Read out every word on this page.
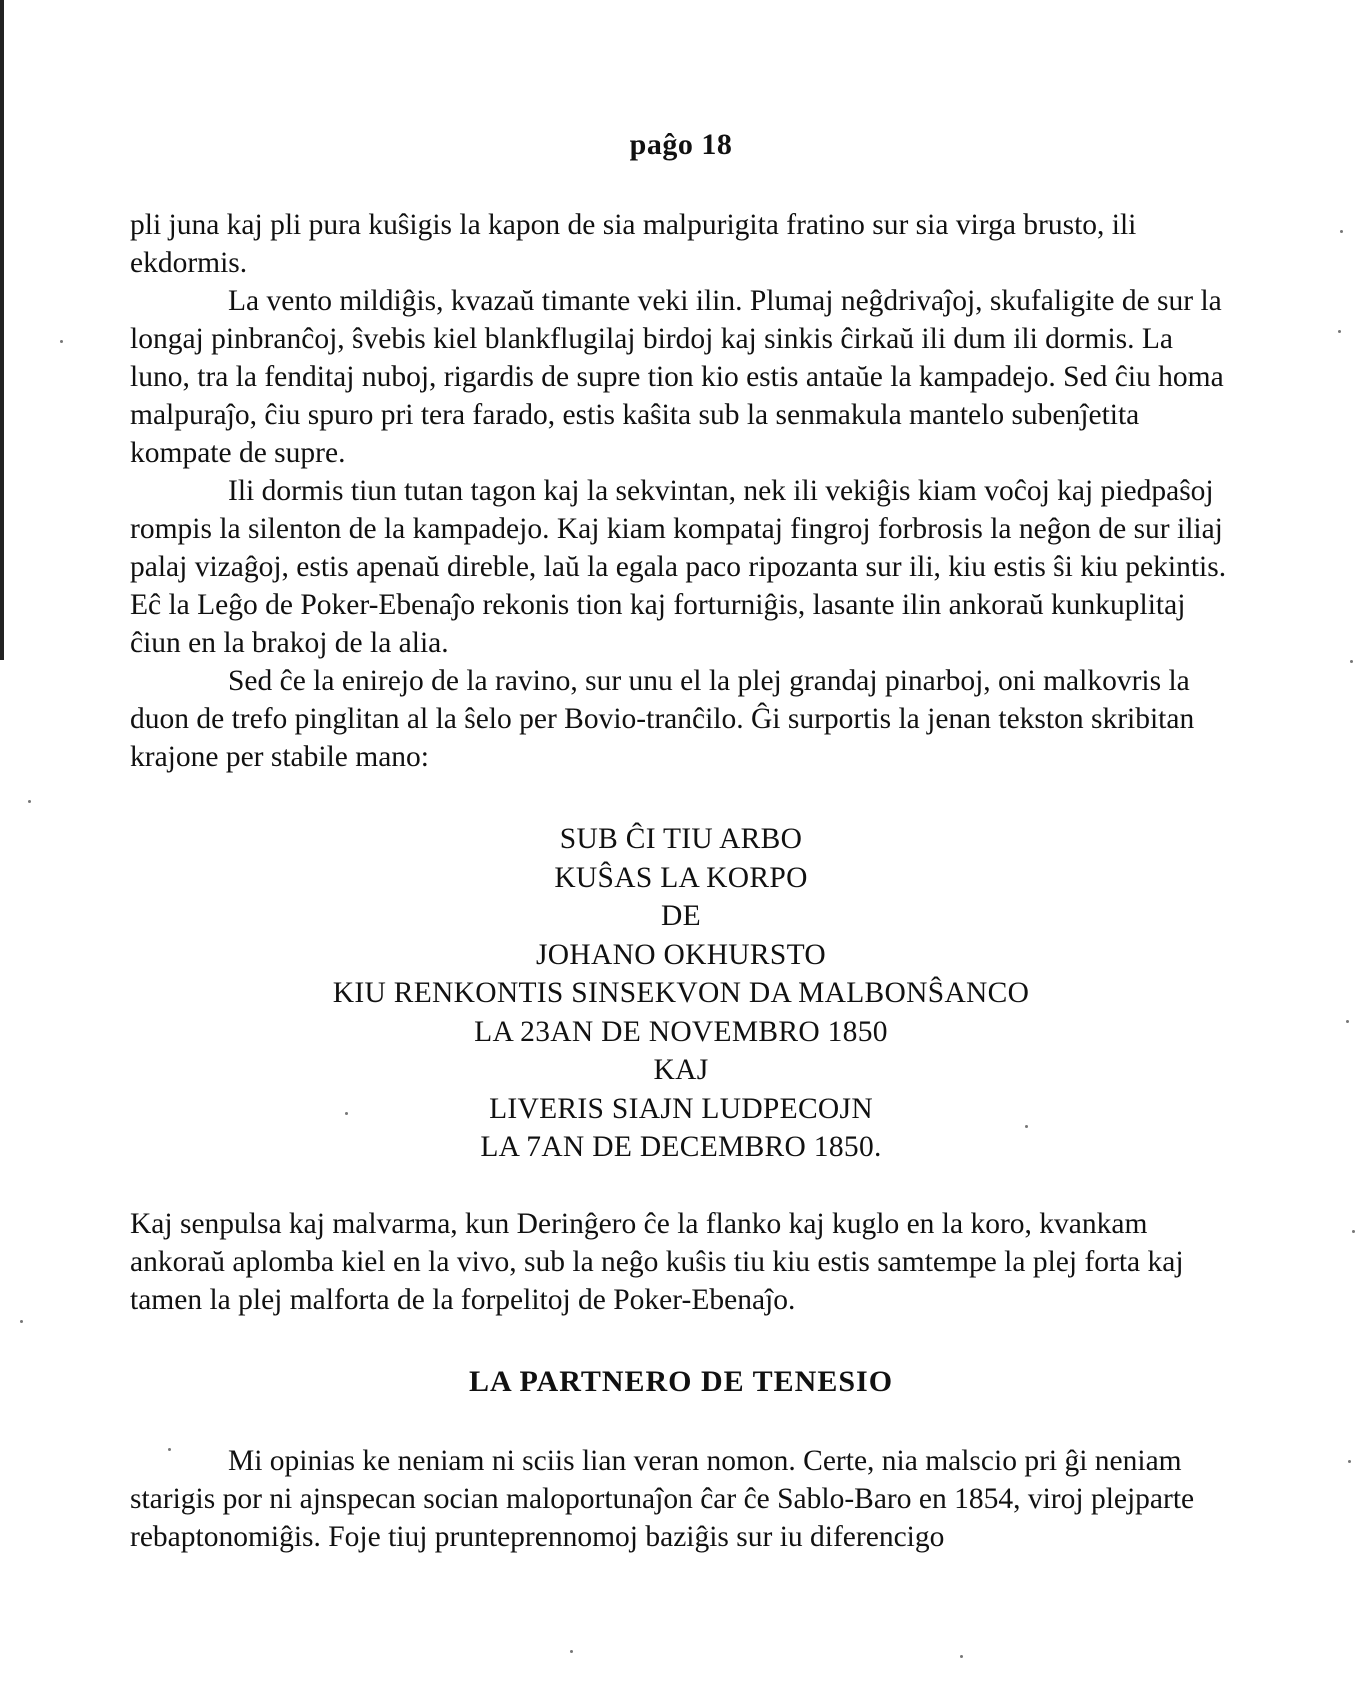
paĝo 18

pli juna kaj pli pura kuŝigis la kapon de sia malpurigita fratino sur sia virga brusto, ili ekdormis.

La vento mildiĝis, kvazaŭ timante veki ilin. Plumaj neĝdrivaĵoj, skufaligite de sur la longaj pinbranĉoj, ŝvebis kiel blankflugilaj birdoj kaj sinkis ĉirkaŭ ili dum ili dormis. La luno, tra la fenditaj nuboj, rigardis de supre tion kio estis antaŭe la kampadejo. Sed ĉiu homa malpuraĵo, ĉiu spuro pri tera farado, estis kaŝita sub la senmakula mantelo subenĵetita kompate de supre.

Ili dormis tiun tutan tagon kaj la sekvintan, nek ili vekiĝis kiam voĉoj kaj piedpaŝoj rompis la silenton de la kampadejo. Kaj kiam kompataj fingroj forbrosis la neĝon de sur iliaj palaj vizaĝoj, estis apenaŭ direble, laŭ la egala paco ripozanta sur ili, kiu estis ŝi kiu pekintis. Eĉ la Leĝo de Poker-Ebenaĵo rekonis tion kaj forturniĝis, lasante ilin ankoraŭ kunkuplitaj ĉiun en la brakoj de la alia.

Sed ĉe la enirejo de la ravino, sur unu el la plej grandaj pinarboj, oni malkovris la duon de trefo pinglitan al la ŝelo per Bovio-tranĉilo. Ĝi surportis la jenan tekston skribitan krajone per stabile mano:

SUB ĈI TIU ARBO
KUŜAS LA KORPO
DE
JOHANO OKHURSTO
KIU RENKONTIS SINSEKVON DA MALBONŜANCO
LA 23AN DE NOVEMBRO 1850
KAJ
LIVERIS SIAJN LUDPECOJN
LA 7AN DE DECEMBRO 1850.

Kaj senpulsa kaj malvarma, kun Derinĝero ĉe la flanko kaj kuglo en la koro, kvankam ankoraŭ aplomba kiel en la vivo, sub la neĝo kuŝis tiu kiu estis samtempe la plej forta kaj tamen la plej malforta de la forpelitoj de Poker-Ebenaĵo.

LA PARTNERO DE TENESIO

Mi opinias ke neniam ni sciis lian veran nomon. Certe, nia malscio pri ĝi neniam starigis por ni ajnspecan socian maloportunaĵon ĉar ĉe Sablo-Baro en 1854, viroj plejparte rebaptonomiĝis. Foje tiuj prunteprennomoj baziĝis sur iu diferencigo
